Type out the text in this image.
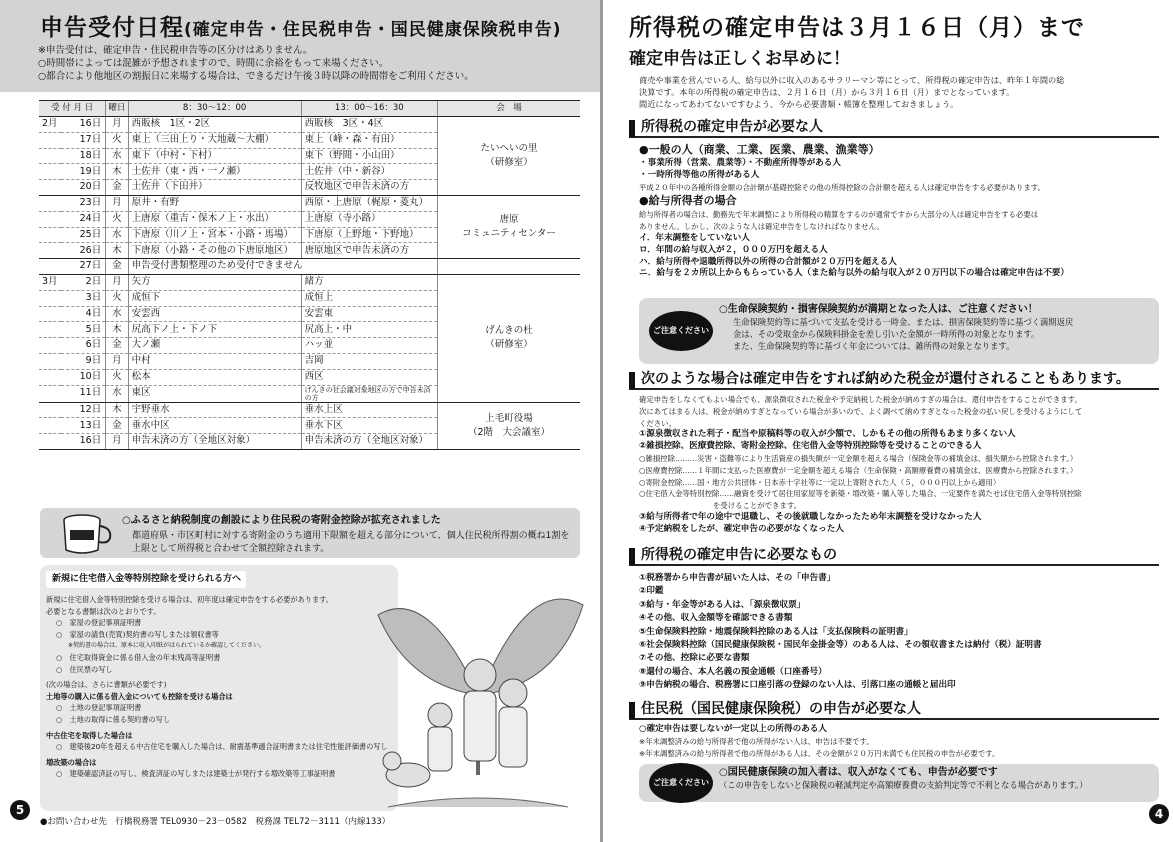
申告受付日程(確定申告・住民税申告・国民健康保険税申告)
※申告受付は、確定申告・住民税申告等の区分けはありません。
○時間帯によっては混雑が予想されますので、時間に余裕をもって来場ください。
○都合により他地区の割振日に来場する場合は、できるだけ午後３時以降の時間帯をご利用ください。
受 付 月 日		曜日	8：30～12：00	13：00～16：30	会　場
2月	16日	月	西販核　1区・2区	西販核　3区・4区	たいへいの里
（研修室）

	17日	火	東上（三田上り・大地蔵～大棚）	東上（峰・森・有田）	
	18日	水	東下（中村・下村）	東下（野間・小山田）	
	19日	木	土佐井（東・西・一ノ瀬）	土佐井（中・新谷）	
	20日	金	土佐井（下田井）	反牧地区で申告未済の方	
	23日	月	原井・有野	西原・上唐原（梶原・菱丸）	唐原
コミュニティセンター

	24日	火	上唐原（重吉・保木ノ上・水出）	上唐原（寺小路）	
	25日	水	下唐原（川ノ上・宮本・小路・馬場）	下唐原（上野地・下野地）	
	26日	木	下唐原（小路・その他の下唐原地区）	唐原地区で申告未済の方	
	27日	金	申告受付書類整理のため受付できません		
3月	2日	月	矢方	緒方	げんきの杜
（研修室）

	3日	火	成恒下	成恒上	
	4日	水	安雲西	安雲東	
	5日	木	尻高下ノ上・下ノ下	尻高上・中	
	6日	金	大ノ瀬	ハッ並	
	9日	月	中村	吉岡	
	10日	火	松本	西区	
	11日	水	東区	げんきの社会議対象地区の方で申告未済の方	
	12日	木	宇野垂水	垂水上区	上毛町役場
（2階　大会議室）

	13日	金	垂水中区	垂水下区	
	16日	月	申告未済の方（全地区対象）	申告未済の方（全地区対象）	
○ふるさと納税制度の創設により住民税の寄附金控除が拡充されました
都道府県・市区町村に対する寄附金のうち適用下限額を超える部分について、個人住民税所得割の概ね1割を上限として所得税と合わせて全額控除されます。
新規に住宅借入金等特別控除を受けられる方へ
新規に住宅借入金等特別控除を受ける場合は、初年度は確定申告をする必要があります。
必要となる書類は次のとおりです。
○　家屋の登記事項証明書
○　家屋の請負(売買)契約書の写しまたは領収書等
※契約書の場合は、原本に収入印紙がはられているか確認してください。
○　住宅取得資金に係る借入金の年末残高等証明書
○　住民票の写し
(次の場合は、さらに書類が必要です)
土地等の購入に係る借入金についても控除を受ける場合は
○　土地の登記事項証明書
○　土地の取得に係る契約書の写し
中古住宅を取得した場合は
○　建築後20年を超える中古住宅を購入した場合は、耐震基準適合証明書または住宅性能評価書の写し
増改築の場合は
○　建築確認済証の写し、検査済証の写しまたは建築士が発行する増改築等工事証明書
5
●お問い合わせ先　行橋税務署 TEL0930－23－0582　税務課 TEL72－3111（内線133）
所得税の確定申告は３月１６日（月）まで
確定申告は正しくお早めに！
商売や事業を営んでいる人、給与以外に収入のあるサラリーマン等にとって、所得税の確定申告は、昨年１年間の総
決算です。本年の所得税の確定申告は、２月１６日（月）から３月１６日（月）までとなっています。
間近になってあわてないですむよう、今から必要書類・帳簿を整理しておきましょう。
所得税の確定申告が必要な人
●一般の人（商業、工業、医業、農業、漁業等）
・事業所得（営業、農業等）・不動産所得等がある人
・一時所得等他の所得がある人
平成２０年中の各種所得金額の合計額が基礎控除その他の所得控除の合計額を超える人は確定申告をする必要があります。
●給与所得者の場合
給与所得者の場合は、勤務先で年末調整により所得税の精算をするのが通常ですから大部分の人は確定申告をする必要は
ありません。しかし、次のような人は確定申告をしなければなりません。
イ．年末調整をしていない人
ロ．年間の給与収入が２，０００万円を超える人
ハ．給与所得や退職所得以外の所得の合計額が２０万円を超える人
ニ．給与を２カ所以上からもらっている人（また給与以外の給与収入が２０万円以下の場合は確定申告は不要）
ご注意ください
○生命保険契約・損害保険契約が満期となった人は、ご注意ください！
生命保険契約等に基づいて支払を受ける一時金、または、損害保険契約等に基づく満期返戻
金は、その受取金から保険料掛金を差し引いた金額が一時所得の対象となります。
また、生命保険契約等に基づく年金については、雑所得の対象となります。
次のような場合は確定申告をすれば納めた税金が還付されることもあります。
確定申告をしなくてもよい場合でも、源泉徴収された税金や予定納税した税金が納めすぎの場合は、還付申告をすることができます。
次にあてはまる人は、税金が納めすぎとなっている場合が多いので、よく調べて納めすぎとなった税金の払い戻しを受けるようにして
ください。
①源泉徴収された利子・配当や原稿料等の収入が少額で、しかもその他の所得もあまり多くない人
②雑損控除、医療費控除、寄附金控除、住宅借入金等特別控除等を受けることのできる人
○雑損控除………災害・盗難等により生活資産の損失額が一定金額を超える場合（保険金等の補填金は、損失額から控除されます。）
○医療費控除……１年間に支払った医療費が一定金額を超える場合（生命保険・高額療養費の補填金は、医療費から控除されます。）
○寄附金控除……国・地方公共団体・日本赤十字社等に一定以上寄附された人（５，０００円以上から適用）
○住宅借入金等特別控除……融資を受けて居住用家屋等を新築・増改築・購入等した場合、一定要件を満たせば住宅借入金等特別控除
　　　　　　　　　　を受けることができます。
③給与所得者で年の途中で退職し、その後就職しなかったため年末調整を受けなかった人
④予定納税をしたが、確定申告の必要がなくなった人
所得税の確定申告に必要なもの
①税務署から申告書が届いた人は、その「申告書」
②印鑑
③給与・年金等がある人は、「源泉徴収票」
④その他、収入金額等を確認できる書類
⑤生命保険料控除・地震保険料控除のある人は「支払保険料の証明書」
⑥社会保険料控除（国民健康保険税・国民年金掛金等）のある人は、その領収書または納付（税）証明書
⑦その他、控除に必要な書類
⑧還付の場合、本人名義の預金通帳（口座番号）
⑨申告納税の場合、税務署に口座引落の登録のない人は、引落口座の通帳と届出印
住民税（国民健康保険税）の申告が必要な人
○確定申告は要しないが一定以上の所得のある人
※年末調整済みの給与所得者で他の所得がない人は、申告は不要です。
※年末調整済みの給与所得者で他の所得がある人は、その金額が２０万円未満でも住民税の申告が必要です。
ご注意ください
○国民健康保険の加入者は、収入がなくても、申告が必要です
（この申告をしないと保険税の軽減判定や高額療養費の支給判定等で不利となる場合があります。）
4
